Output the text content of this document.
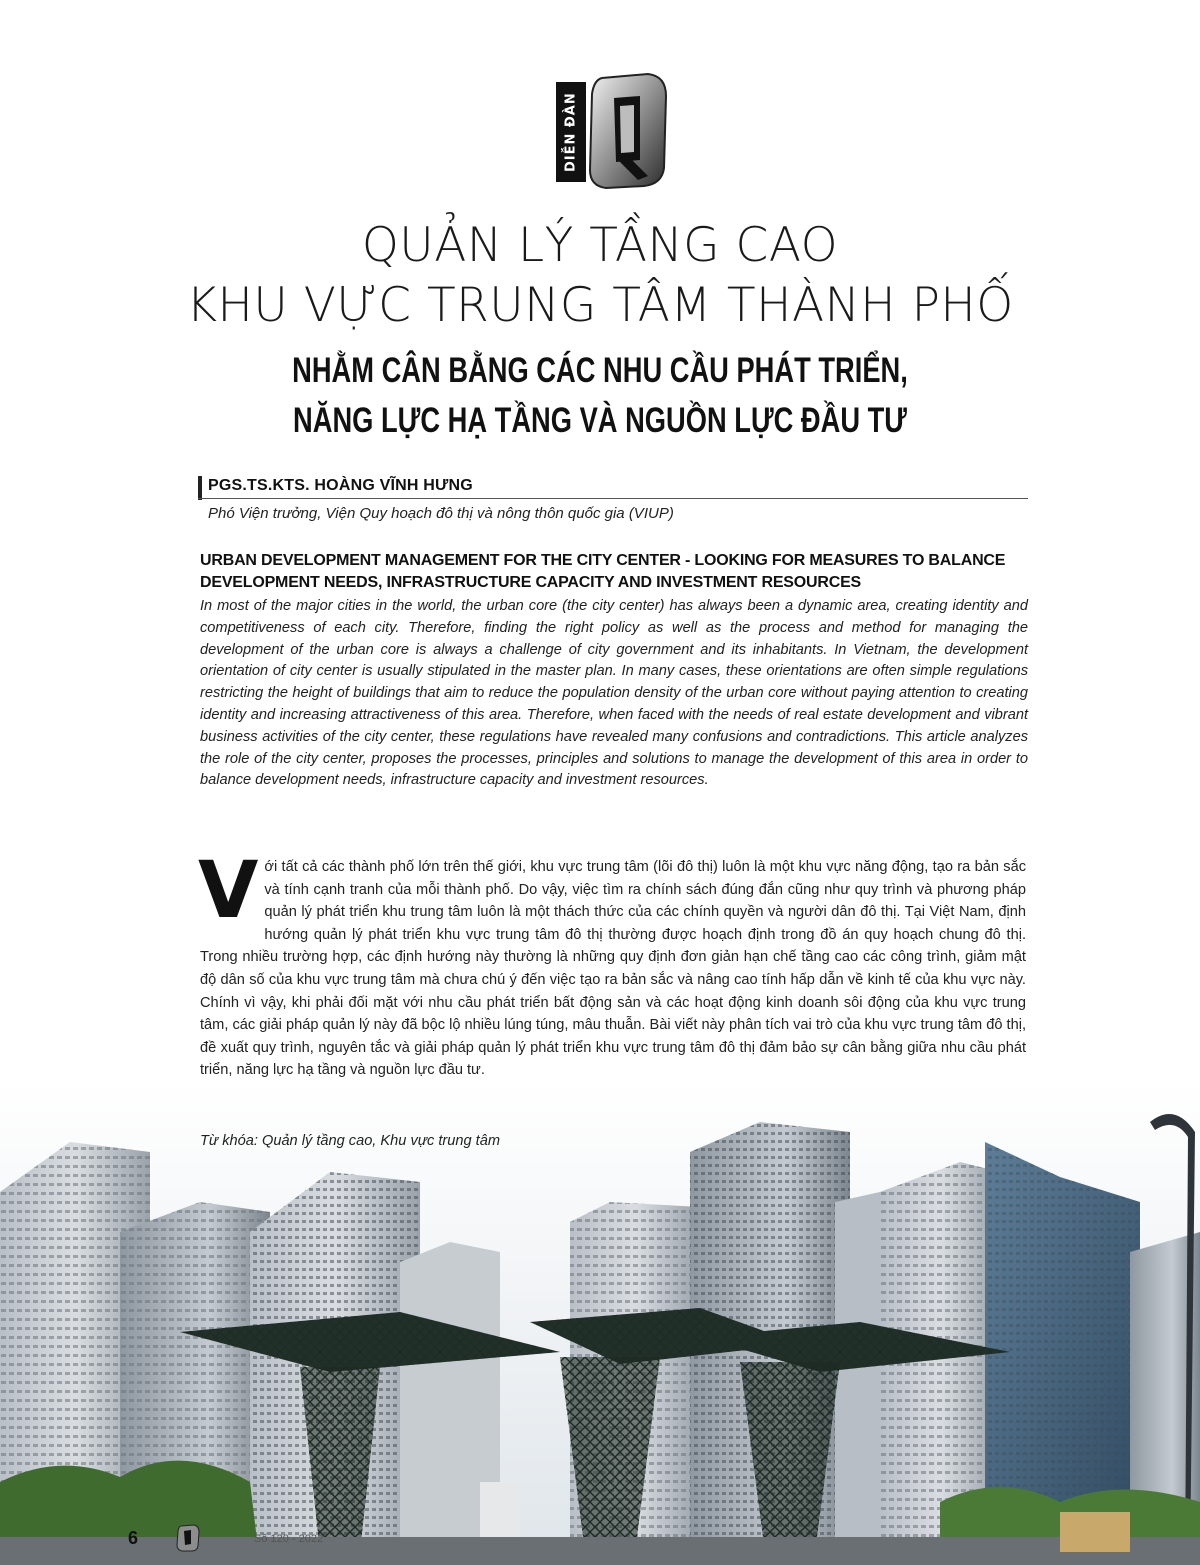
DIỄN ĐÀN
QUẢN LÝ TẦNG CAO
KHU VỰC TRUNG TÂM THÀNH PHỐ
NHẰM CÂN BẰNG CÁC NHU CẦU PHÁT TRIỂN,
NĂNG LỰC HẠ TẦNG VÀ NGUỒN LỰC ĐẦU TƯ
PGS.TS.KTS. HOÀNG VĨNH HƯNG
Phó Viện trưởng, Viện Quy hoạch đô thị và nông thôn quốc gia (VIUP)
URBAN DEVELOPMENT MANAGEMENT FOR THE CITY CENTER - LOOKING FOR MEASURES TO BALANCE DEVELOPMENT NEEDS, INFRASTRUCTURE CAPACITY AND INVESTMENT RESOURCES
In most of the major cities in the world, the urban core (the city center) has always been a dynamic area, creating identity and competitiveness of each city. Therefore, finding the right policy as well as the process and method for managing the development of the urban core is always a challenge of city government and its inhabitants. In Vietnam, the development orientation of city center is usually stipulated in the master plan. In many cases, these orientations are often simple regulations restricting the height of buildings that aim to reduce the population density of the urban core without paying attention to creating identity and increasing attractiveness of this area. Therefore, when faced with the needs of real estate development and vibrant business activities of the city center, these regulations have revealed many confusions and contradictions. This article analyzes the role of the city center, proposes the processes, principles and solutions to manage the development of this area in order to balance development needs, infrastructure capacity and investment resources.
V ới tất cả các thành phố lớn trên thế giới, khu vực trung tâm (lõi đô thị) luôn là một khu vực năng động, tạo ra bản sắc và tính cạnh tranh của mỗi thành phố. Do vậy, việc tìm ra chính sách đúng đắn cũng như quy trình và phương pháp quản lý phát triển khu trung tâm luôn là một thách thức của các chính quyền và người dân đô thị. Tại Việt Nam, định hướng quản lý phát triển khu vực trung tâm đô thị thường được hoạch định trong đồ án quy hoạch chung đô thị. Trong nhiều trường hợp, các định hướng này thường là những quy định đơn giản hạn chế tầng cao các công trình, giảm mật độ dân số của khu vực trung tâm mà chưa chú ý đến việc tạo ra bản sắc và nâng cao tính hấp dẫn về kinh tế của khu vực này. Chính vì vậy, khi phải đối mặt với nhu cầu phát triển bất động sản và các hoạt động kinh doanh sôi động của khu vực trung tâm, các giải pháp quản lý này đã bộc lộ nhiều lúng túng, mâu thuẫn. Bài viết này phân tích vai trò của khu vực trung tâm đô thị, đề xuất quy trình, nguyên tắc và giải pháp quản lý phát triển khu vực trung tâm đô thị đảm bảo sự cân bằng giữa nhu cầu phát triển, năng lực hạ tầng và nguồn lực đầu tư.
Từ khóa: Quản lý tầng cao, Khu vực trung tâm
6	Số 120 - 2022
